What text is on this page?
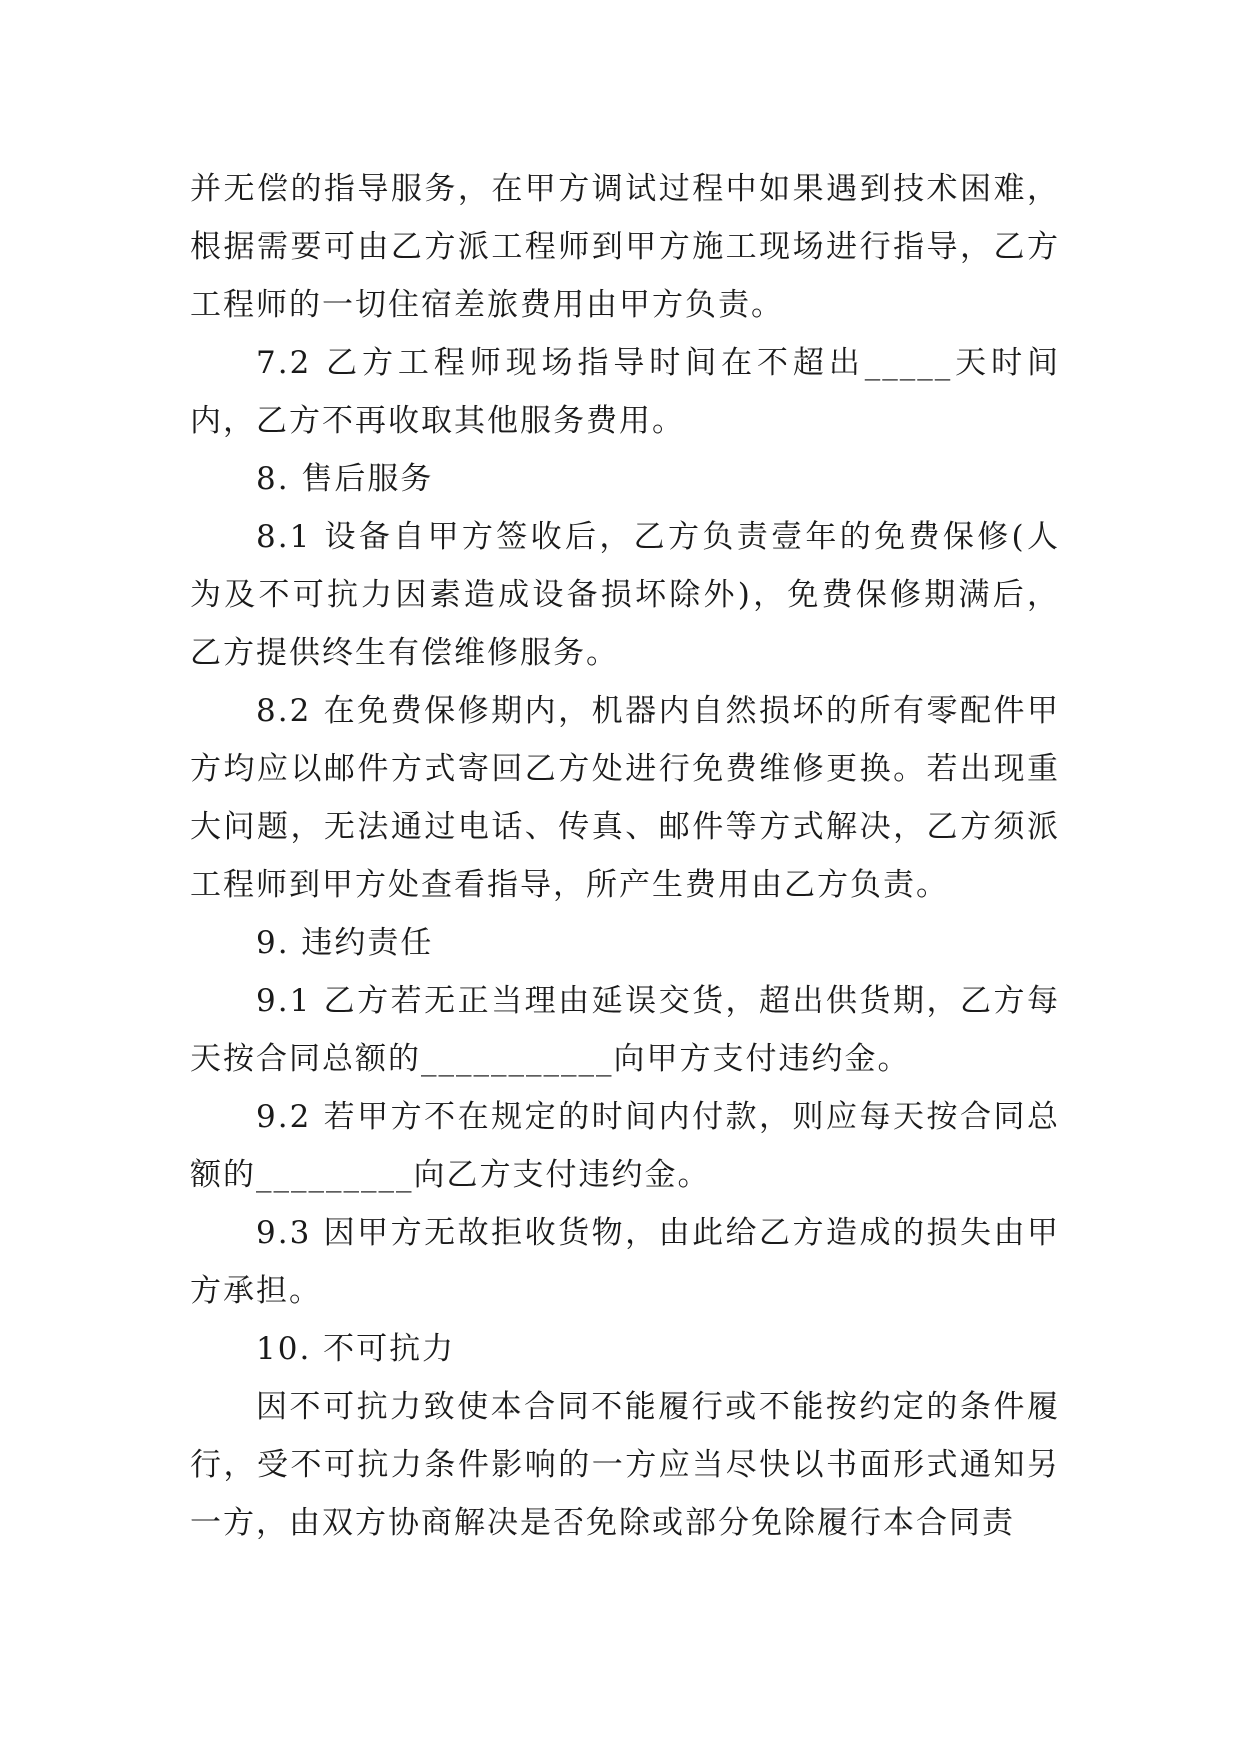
并无偿的指导服务，在甲方调试过程中如果遇到技术困难，根据需要可由乙方派工程师到甲方施工现场进行指导，乙方工程师的一切住宿差旅费用由甲方负责。

7.2 乙方工程师现场指导时间在不超出_____天时间内，乙方不再收取其他服务费用。

8. 售后服务

8.1 设备自甲方签收后，乙方负责壹年的免费保修(人为及不可抗力因素造成设备损坏除外)，免费保修期满后，乙方提供终生有偿维修服务。

8.2 在免费保修期内，机器内自然损坏的所有零配件甲方均应以邮件方式寄回乙方处进行免费维修更换。若出现重大问题，无法通过电话、传真、邮件等方式解决，乙方须派工程师到甲方处查看指导，所产生费用由乙方负责。

9. 违约责任

9.1 乙方若无正当理由延误交货，超出供货期，乙方每天按合同总额的___________向甲方支付违约金。

9.2 若甲方不在规定的时间内付款，则应每天按合同总额的_________向乙方支付违约金。

9.3 因甲方无故拒收货物，由此给乙方造成的损失由甲方承担。

10. 不可抗力

因不可抗力致使本合同不能履行或不能按约定的条件履行，受不可抗力条件影响的一方应当尽快以书面形式通知另一方，由双方协商解决是否免除或部分免除履行本合同责
